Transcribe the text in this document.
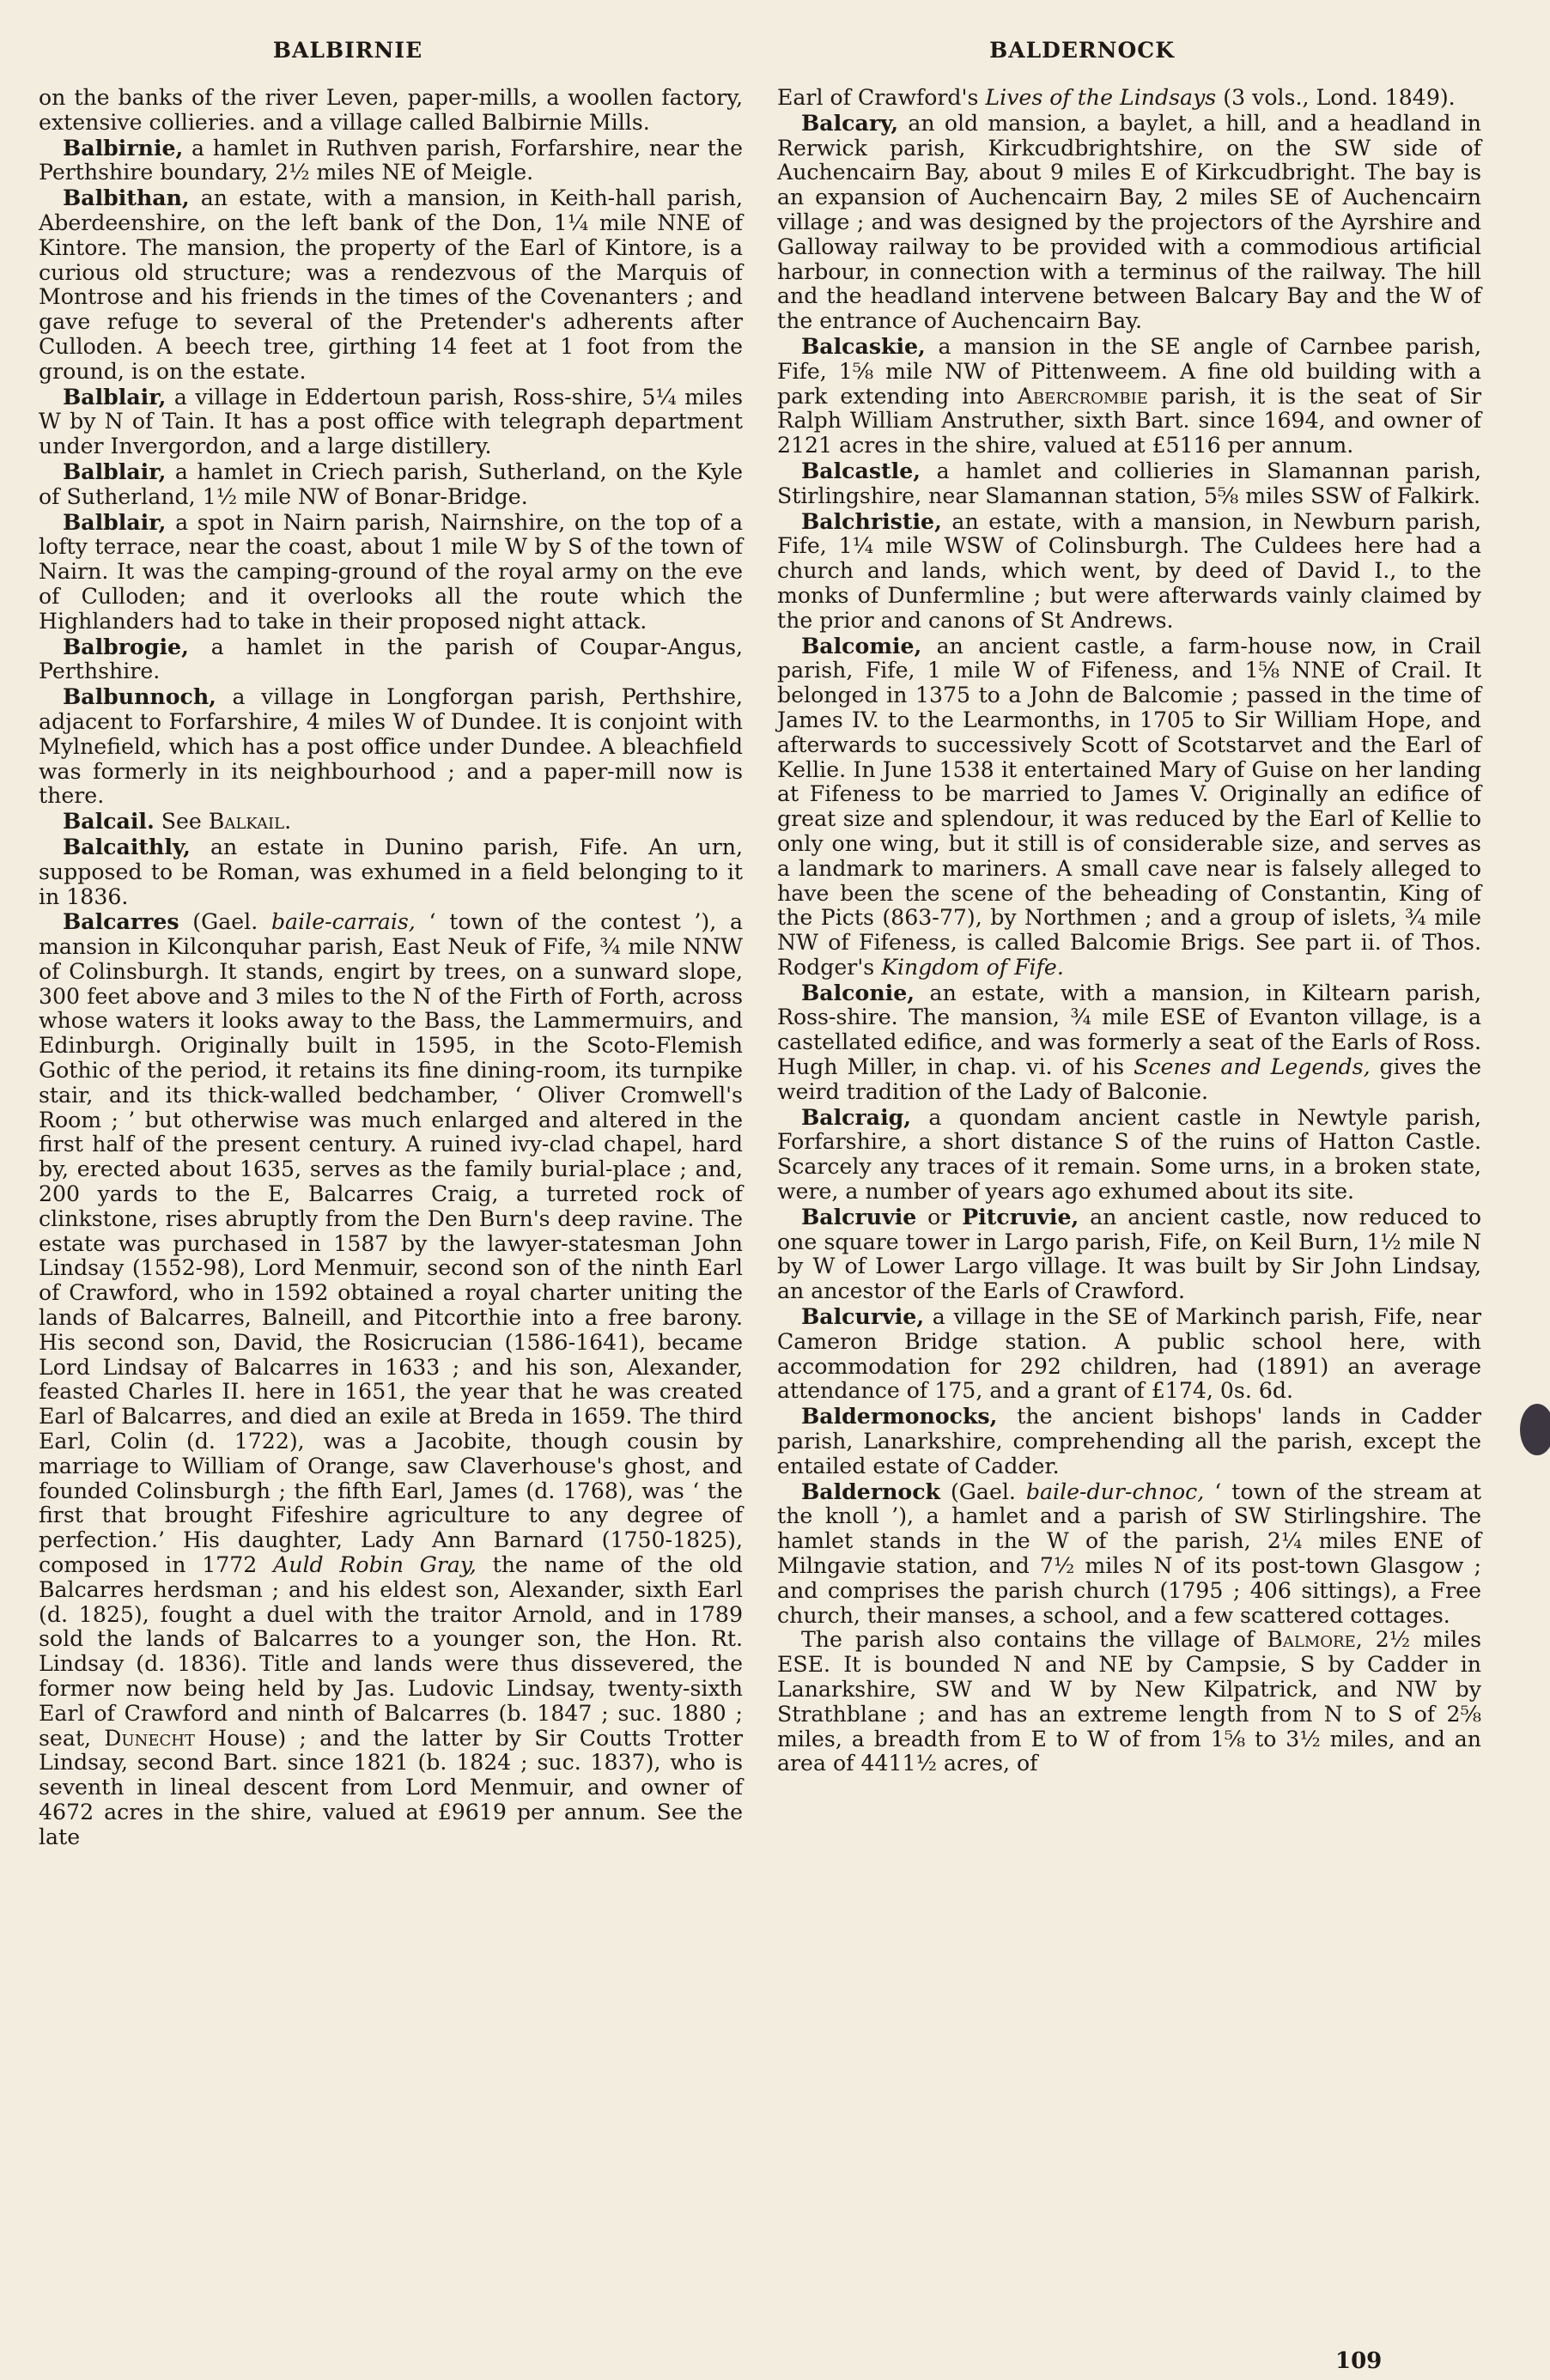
BALBIRNIE	BALDERNOCK

on the banks of the river Leven, paper-mills, a woollen factory, extensive collieries. and a village called Balbirnie Mills.

Balbirnie, a hamlet in Ruthven parish, Forfarshire, near the Perthshire boundary, 2½ miles NE of Meigle.

Balbithan, an estate, with a mansion, in Keith-hall parish, Aberdeenshire, on the left bank of the Don, 1¼ mile NNE of Kintore. The mansion, the property of the Earl of Kintore, is a curious old structure; was a rendezvous of the Marquis of Montrose and his friends in the times of the Covenanters ; and gave refuge to several of the Pretender's adherents after Culloden. A beech tree, girthing 14 feet at 1 foot from the ground, is on the estate.

Balblair, a village in Eddertoun parish, Ross-shire, 5¼ miles W by N of Tain. It has a post office with telegraph department under Invergordon, and a large distillery.

Balblair, a hamlet in Criech parish, Sutherland, on the Kyle of Sutherland, 1½ mile NW of Bonar-Bridge.

Balblair, a spot in Nairn parish, Nairnshire, on the top of a lofty terrace, near the coast, about 1 mile W by S of the town of Nairn. It was the camping-ground of the royal army on the eve of Culloden; and it overlooks all the route which the Highlanders had to take in their proposed night attack.

Balbrogie, a hamlet in the parish of Coupar-Angus, Perthshire.

Balbunnoch, a village in Longforgan parish, Perthshire, adjacent to Forfarshire, 4 miles W of Dundee. It is conjoint with Mylnefield, which has a post office under Dundee. A bleachfield was formerly in its neighbourhood ; and a paper-mill now is there.

Balcail. See Balkail.

Balcaithly, an estate in Dunino parish, Fife. An urn, supposed to be Roman, was exhumed in a field belonging to it in 1836.

Balcarres (Gael. baile-carrais, ‘ town of the contest ’), a mansion in Kilconquhar parish, East Neuk of Fife, ¾ mile NNW of Colinsburgh. It stands, engirt by trees, on a sunward slope, 300 feet above and 3 miles to the N of the Firth of Forth, across whose waters it looks away to the Bass, the Lammermuirs, and Edinburgh. Originally built in 1595, in the Scoto-Flemish Gothic of the period, it retains its fine dining-room, its turnpike stair, and its thick-walled bedchamber, ‘ Oliver Cromwell's Room ; ’ but otherwise was much enlarged and altered in the first half of the present century. A ruined ivy-clad chapel, hard by, erected about 1635, serves as the family burial-place ; and, 200 yards to the E, Balcarres Craig, a turreted rock of clinkstone, rises abruptly from the Den Burn's deep ravine. The estate was purchased in 1587 by the lawyer-statesman John Lindsay (1552-98), Lord Menmuir, second son of the ninth Earl of Crawford, who in 1592 obtained a royal charter uniting the lands of Balcarres, Balneill, and Pitcorthie into a free barony. His second son, David, the Rosicrucian (1586-1641), became Lord Lindsay of Balcarres in 1633 ; and his son, Alexander, feasted Charles II. here in 1651, the year that he was created Earl of Balcarres, and died an exile at Breda in 1659. The third Earl, Colin (d. 1722), was a Jacobite, though cousin by marriage to William of Orange, saw Claverhouse's ghost, and founded Colinsburgh ; the fifth Earl, James (d. 1768), was ‘ the first that brought Fifeshire agriculture to any degree of perfection.’ His daughter, Lady Ann Barnard (1750-1825), composed in 1772 Auld Robin Gray, the name of the old Balcarres herdsman ; and his eldest son, Alexander, sixth Earl (d. 1825), fought a duel with the traitor Arnold, and in 1789 sold the lands of Balcarres to a younger son, the Hon. Rt. Lindsay (d. 1836). Title and lands were thus dissevered, the former now being held by Jas. Ludovic Lindsay, twenty-sixth Earl of Crawford and ninth of Balcarres (b. 1847 ; suc. 1880 ; seat, Dunecht House) ; and the latter by Sir Coutts Trotter Lindsay, second Bart. since 1821 (b. 1824 ; suc. 1837), who is seventh in lineal descent from Lord Menmuir, and owner of 4672 acres in the shire, valued at £9619 per annum. See the late

Earl of Crawford's Lives of the Lindsays (3 vols., Lond. 1849).

Balcary, an old mansion, a baylet, a hill, and a headland in Rerwick parish, Kirkcudbrightshire, on the SW side of Auchencairn Bay, about 9 miles E of Kirkcudbright. The bay is an expansion of Auchencairn Bay, 2 miles SE of Auchencairn village ; and was designed by the projectors of the Ayrshire and Galloway railway to be provided with a commodious artificial harbour, in connection with a terminus of the railway. The hill and the headland intervene between Balcary Bay and the W of the entrance of Auchencairn Bay.

Balcaskie, a mansion in the SE angle of Carnbee parish, Fife, 1⅝ mile NW of Pittenweem. A fine old building with a park extending into Abercrombie parish, it is the seat of Sir Ralph William Anstruther, sixth Bart. since 1694, and owner of 2121 acres in the shire, valued at £5116 per annum.

Balcastle, a hamlet and collieries in Slamannan parish, Stirlingshire, near Slamannan station, 5⅝ miles SSW of Falkirk.

Balchristie, an estate, with a mansion, in Newburn parish, Fife, 1¼ mile WSW of Colinsburgh. The Culdees here had a church and lands, which went, by deed of David I., to the monks of Dunfermline ; but were afterwards vainly claimed by the prior and canons of St Andrews.

Balcomie, an ancient castle, a farm-house now, in Crail parish, Fife, 1 mile W of Fifeness, and 1⅝ NNE of Crail. It belonged in 1375 to a John de Balcomie ; passed in the time of James IV. to the Learmonths, in 1705 to Sir William Hope, and afterwards to successively Scott of Scotstarvet and the Earl of Kellie. In June 1538 it entertained Mary of Guise on her landing at Fifeness to be married to James V. Originally an edifice of great size and splendour, it was reduced by the Earl of Kellie to only one wing, but it still is of considerable size, and serves as a landmark to mariners. A small cave near is falsely alleged to have been the scene of the beheading of Constantin, King of the Picts (863-77), by Northmen ; and a group of islets, ¾ mile NW of Fifeness, is called Balcomie Brigs. See part ii. of Thos. Rodger's Kingdom of Fife.

Balconie, an estate, with a mansion, in Kiltearn parish, Ross-shire. The mansion, ¾ mile ESE of Evanton village, is a castellated edifice, and was formerly a seat of the Earls of Ross. Hugh Miller, in chap. vi. of his Scenes and Legends, gives the weird tradition of the Lady of Balconie.

Balcraig, a quondam ancient castle in Newtyle parish, Forfarshire, a short distance S of the ruins of Hatton Castle. Scarcely any traces of it remain. Some urns, in a broken state, were, a number of years ago exhumed about its site.

Balcruvie or Pitcruvie, an ancient castle, now reduced to one square tower in Largo parish, Fife, on Keil Burn, 1½ mile N by W of Lower Largo village. It was built by Sir John Lindsay, an ancestor of the Earls of Crawford.

Balcurvie, a village in the SE of Markinch parish, Fife, near Cameron Bridge station. A public school here, with accommodation for 292 children, had (1891) an average attendance of 175, and a grant of £174, 0s. 6d.

Baldermonocks, the ancient bishops' lands in Cadder parish, Lanarkshire, comprehending all the parish, except the entailed estate of Cadder.

Baldernock (Gael. baile-dur-chnoc, ‘ town of the stream at the knoll ’), a hamlet and a parish of SW Stirlingshire. The hamlet stands in the W of the parish, 2¼ miles ENE of Milngavie station, and 7½ miles N of its post-town Glasgow ; and comprises the parish church (1795 ; 406 sittings), a Free church, their manses, a school, and a few scattered cottages.

The parish also contains the village of Balmore, 2½ miles ESE. It is bounded N and NE by Campsie, S by Cadder in Lanarkshire, SW and W by New Kilpatrick, and NW by Strathblane ; and has an extreme length from N to S of 2⅝ miles, a breadth from E to W of from 1⅝ to 3½ miles, and an area of 4411½ acres, of

109
